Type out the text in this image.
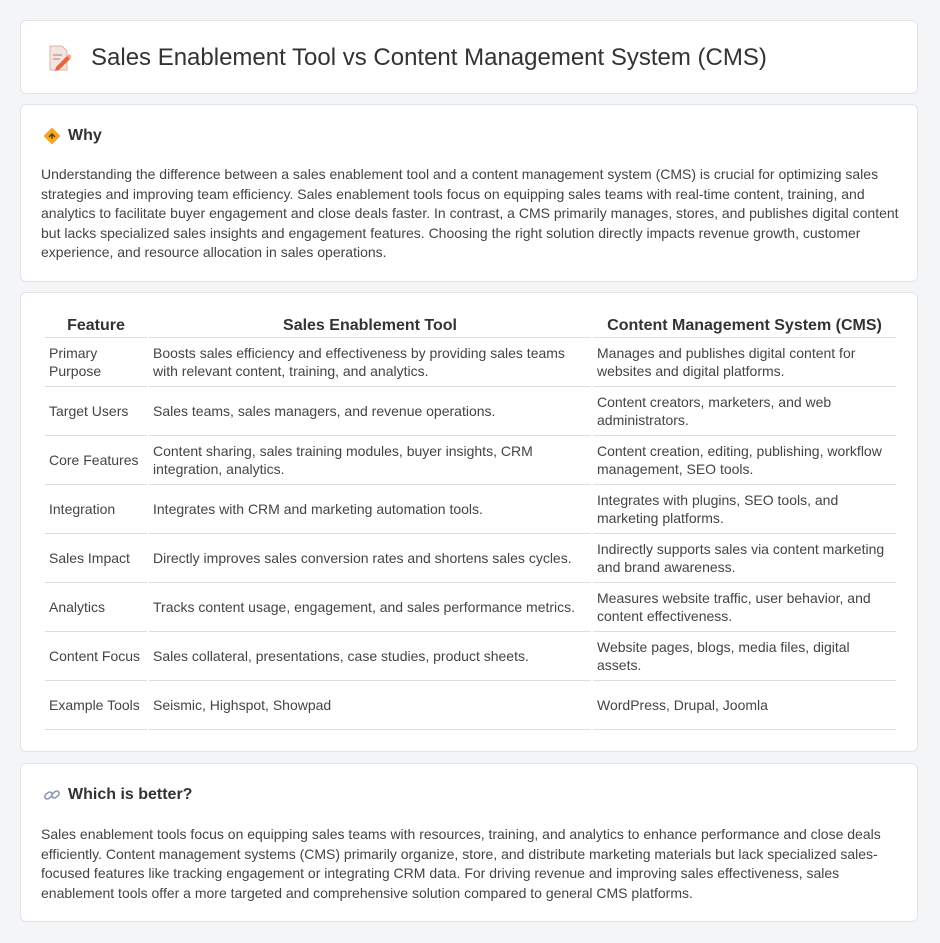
Sales Enablement Tool vs Content Management System (CMS)
Why

Understanding the difference between a sales enablement tool and a content management system (CMS) is crucial for optimizing sales strategies and improving team efficiency. Sales enablement tools focus on equipping sales teams with real-time content, training, and analytics to facilitate buyer engagement and close deals faster. In contrast, a CMS primarily manages, stores, and publishes digital content but lacks specialized sales insights and engagement features. Choosing the right solution directly impacts revenue growth, customer experience, and resource allocation in sales operations.

Feature	Sales Enablement Tool	Content Management System (CMS)
Primary Purpose	Boosts sales efficiency and effectiveness by providing sales teams with relevant content, training, and analytics.	Manages and publishes digital content for websites and digital platforms.
Target Users	Sales teams, sales managers, and revenue operations.	Content creators, marketers, and web administrators.
Core Features	Content sharing, sales training modules, buyer insights, CRM integration, analytics.	Content creation, editing, publishing, workflow management, SEO tools.
Integration	Integrates with CRM and marketing automation tools.	Integrates with plugins, SEO tools, and marketing platforms.
Sales Impact	Directly improves sales conversion rates and shortens sales cycles.	Indirectly supports sales via content marketing and brand awareness.
Analytics	Tracks content usage, engagement, and sales performance metrics.	Measures website traffic, user behavior, and content effectiveness.
Content Focus	Sales collateral, presentations, case studies, product sheets.	Website pages, blogs, media files, digital assets.
Example Tools	Seismic, Highspot, Showpad	WordPress, Drupal, Joomla
Which is better?

Sales enablement tools focus on equipping sales teams with resources, training, and analytics to enhance performance and close deals efficiently. Content management systems (CMS) primarily organize, store, and distribute marketing materials but lack specialized sales-focused features like tracking engagement or integrating CRM data. For driving revenue and improving sales effectiveness, sales enablement tools offer a more targeted and comprehensive solution compared to general CMS platforms.
